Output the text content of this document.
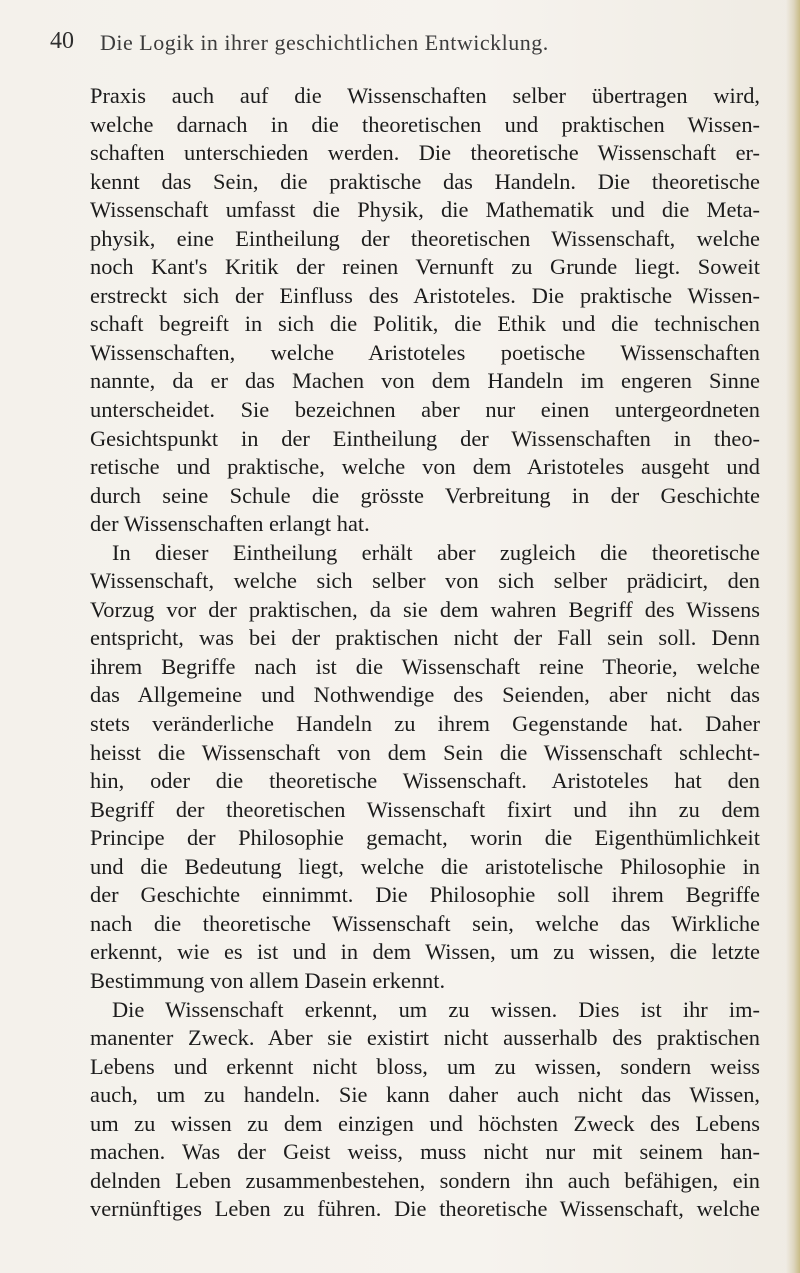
40 Die Logik in ihrer geschichtlichen Entwicklung.
Praxis auch auf die Wissenschaften selber übertragen wird,
welche darnach in die theoretischen und praktischen Wissen-
schaften unterschieden werden. Die theoretische Wissenschaft er-
kennt das Sein, die praktische das Handeln. Die theoretische
Wissenschaft umfasst die Physik, die Mathematik und die Meta-
physik, eine Eintheilung der theoretischen Wissenschaft, welche
noch Kant's Kritik der reinen Vernunft zu Grunde liegt. Soweit
erstreckt sich der Einfluss des Aristoteles. Die praktische Wissen-
schaft begreift in sich die Politik, die Ethik und die technischen
Wissenschaften, welche Aristoteles poetische Wissenschaften
nannte, da er das Machen von dem Handeln im engeren Sinne
unterscheidet. Sie bezeichnen aber nur einen untergeordneten
Gesichtspunkt in der Eintheilung der Wissenschaften in theo-
retische und praktische, welche von dem Aristoteles ausgeht und
durch seine Schule die grösste Verbreitung in der Geschichte
der Wissenschaften erlangt hat.
In dieser Eintheilung erhält aber zugleich die theoretische
Wissenschaft, welche sich selber von sich selber prädicirt, den
Vorzug vor der praktischen, da sie dem wahren Begriff des Wissens
entspricht, was bei der praktischen nicht der Fall sein soll. Denn
ihrem Begriffe nach ist die Wissenschaft reine Theorie, welche
das Allgemeine und Nothwendige des Seienden, aber nicht das
stets veränderliche Handeln zu ihrem Gegenstande hat. Daher
heisst die Wissenschaft von dem Sein die Wissenschaft schlecht-
hin, oder die theoretische Wissenschaft. Aristoteles hat den
Begriff der theoretischen Wissenschaft fixirt und ihn zu dem
Principe der Philosophie gemacht, worin die Eigenthümlichkeit
und die Bedeutung liegt, welche die aristotelische Philosophie in
der Geschichte einnimmt. Die Philosophie soll ihrem Begriffe
nach die theoretische Wissenschaft sein, welche das Wirkliche
erkennt, wie es ist und in dem Wissen, um zu wissen, die letzte
Bestimmung von allem Dasein erkennt.
Die Wissenschaft erkennt, um zu wissen. Dies ist ihr im-
manenter Zweck. Aber sie existirt nicht ausserhalb des praktischen
Lebens und erkennt nicht bloss, um zu wissen, sondern weiss
auch, um zu handeln. Sie kann daher auch nicht das Wissen,
um zu wissen zu dem einzigen und höchsten Zweck des Lebens
machen. Was der Geist weiss, muss nicht nur mit seinem han-
delnden Leben zusammenbestehen, sondern ihn auch befähigen, ein
vernünftiges Leben zu führen. Die theoretische Wissenschaft, welche
